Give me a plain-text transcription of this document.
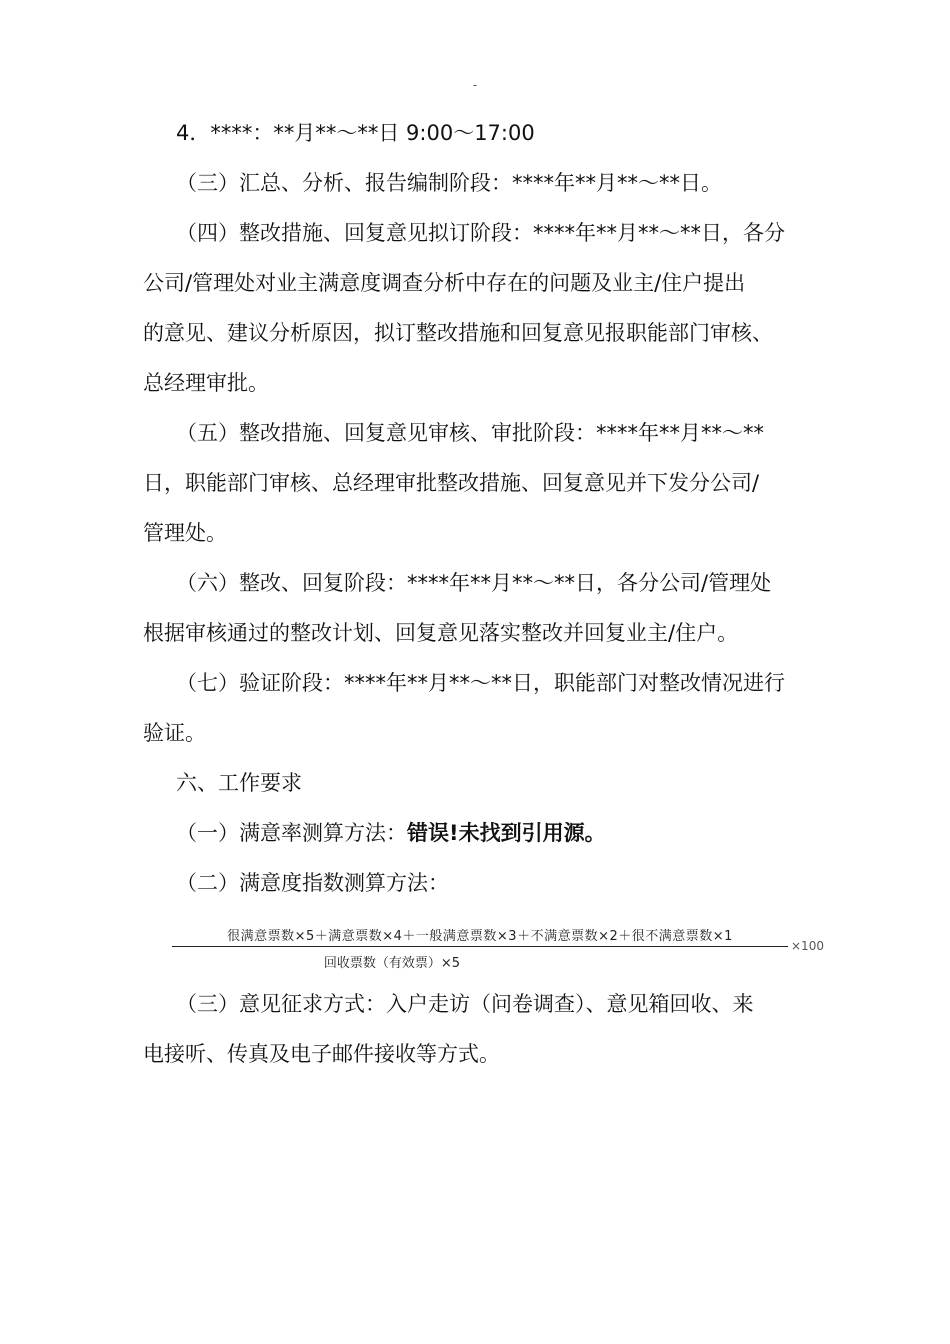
-
4．****：**月**～**日 9:00～17:00
（三）汇总、分析、报告编制阶段：****年**月**～**日。
（四）整改措施、回复意见拟订阶段：****年**月**～**日，各分
公司/管理处对业主满意度调查分析中存在的问题及业主/住户提出
的意见、建议分析原因，拟订整改措施和回复意见报职能部门审核、
总经理审批。
（五）整改措施、回复意见审核、审批阶段：****年**月**～**
日，职能部门审核、总经理审批整改措施、回复意见并下发分公司/
管理处。
（六）整改、回复阶段：****年**月**～**日，各分公司/管理处
根据审核通过的整改计划、回复意见落实整改并回复业主/住户。
（七）验证阶段：****年**月**～**日，职能部门对整改情况进行
验证。
六、工作要求
（一）满意率测算方法：错误!未找到引用源。
（二）满意度指数测算方法：
很满意票数×5＋满意票数×4＋一般满意票数×3＋不满意票数×2＋很不满意票数×1
回收票数（有效票）×5
×100
（三）意见征求方式：入户走访（问卷调查）、意见箱回收、来
电接听、传真及电子邮件接收等方式。
